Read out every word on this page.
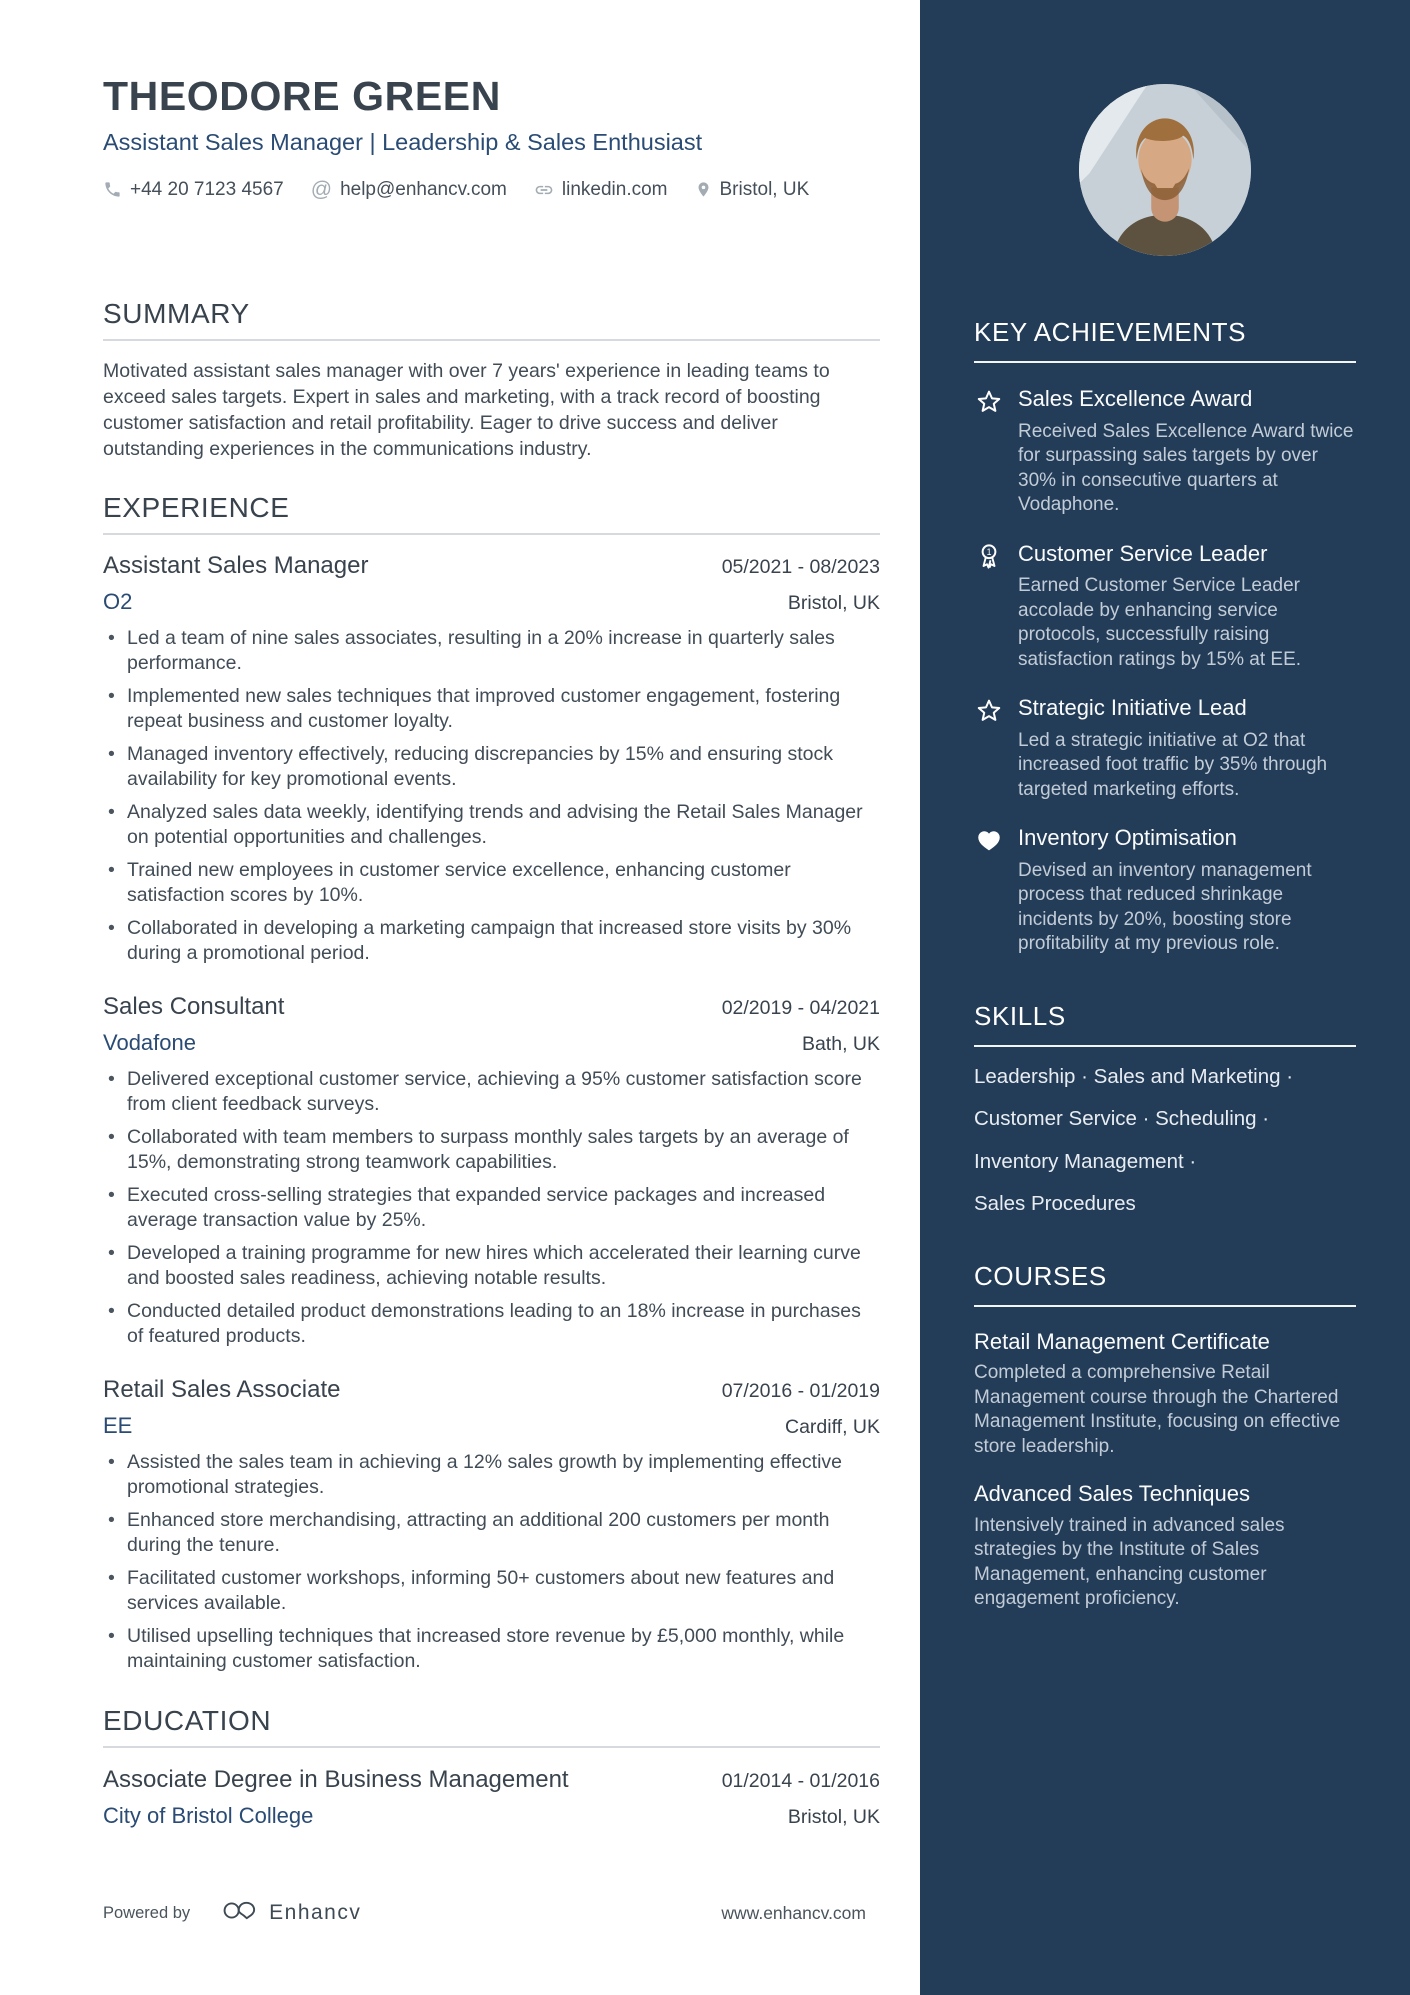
THEODORE GREEN
Assistant Sales Manager | Leadership & Sales Enthusiast
+44 20 7123 4567 @ help@enhancv.com	linkedin.com	Bristol, UK
SUMMARY

Motivated assistant sales manager with over 7 years' experience in leading teams to exceed sales targets. Expert in sales and marketing, with a track record of boosting customer satisfaction and retail profitability. Eager to drive success and deliver outstanding experiences in the communications industry.

EXPERIENCE
Assistant Sales Manager	05/2021 - 08/2023
O2	Bristol, UK
• Led a team of nine sales associates, resulting in a 20% increase in quarterly sales performance.
• Implemented new sales techniques that improved customer engagement, fostering repeat business and customer loyalty.
• Managed inventory effectively, reducing discrepancies by 15% and ensuring stock availability for key promotional events.
• Analyzed sales data weekly, identifying trends and advising the Retail Sales Manager on potential opportunities and challenges.
• Trained new employees in customer service excellence, enhancing customer satisfaction scores by 10%.
• Collaborated in developing a marketing campaign that increased store visits by 30% during a promotional period.
Sales Consultant	02/2019 - 04/2021
Vodafone	Bath, UK
• Delivered exceptional customer service, achieving a 95% customer satisfaction score from client feedback surveys.
• Collaborated with team members to surpass monthly sales targets by an average of 15%, demonstrating strong teamwork capabilities.
• Executed cross-selling strategies that expanded service packages and increased average transaction value by 25%.
• Developed a training programme for new hires which accelerated their learning curve and boosted sales readiness, achieving notable results.
• Conducted detailed product demonstrations leading to an 18% increase in purchases of featured products.
Retail Sales Associate	07/2016 - 01/2019
EE	Cardiff, UK
• Assisted the sales team in achieving a 12% sales growth by implementing effective promotional strategies.
• Enhanced store merchandising, attracting an additional 200 customers per month during the tenure.
• Facilitated customer workshops, informing 50+ customers about new features and services available.
• Utilised upselling techniques that increased store revenue by £5,000 monthly, while maintaining customer satisfaction.
EDUCATION
Associate Degree in Business Management	01/2014 - 01/2016
City of Bristol College	Bristol, UK
Powered by	Enhancv	www.enhancv.com
KEY ACHIEVEMENTS
Sales Excellence Award
Received Sales Excellence Award twice for surpassing sales targets by over 30% in consecutive quarters at Vodaphone.
1 Customer Service Leader
Earned Customer Service Leader accolade by enhancing service protocols, successfully raising satisfaction ratings by 15% at EE.
Strategic Initiative Lead
Led a strategic initiative at O2 that increased foot traffic by 35% through targeted marketing efforts.
Inventory Optimisation
Devised an inventory management process that reduced shrinkage incidents by 20%, boosting store profitability at my previous role.
SKILLS
Leadership · Sales and Marketing ·
Customer Service · Scheduling ·
Inventory Management ·
Sales Procedures
COURSES
Retail Management Certificate
Completed a comprehensive Retail Management course through the Chartered Management Institute, focusing on effective store leadership.
Advanced Sales Techniques
Intensively trained in advanced sales strategies by the Institute of Sales Management, enhancing customer engagement proficiency.
